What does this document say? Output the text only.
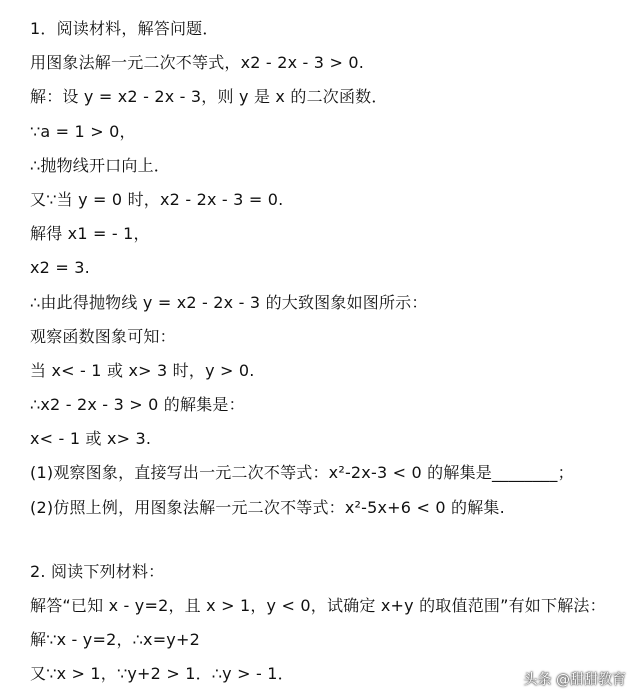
1．阅读材料，解答问题．
用图象法解一元二次不等式，x2 - 2x - 3 > 0.
解：设 y = x2 - 2x - 3，则 y 是 x 的二次函数．
∵a = 1 > 0，
∴抛物线开口向上．
又∵当 y = 0 时，x2 - 2x - 3 = 0.
解得 x1 = - 1，
x2 = 3.
∴由此得抛物线 y = x2 - 2x - 3 的大致图象如图所示：
观察函数图象可知：
当 x< - 1 或 x> 3 时，y > 0.
∴x2 - 2x - 3 > 0 的解集是：
x< - 1 或 x> 3.
(1)观察图象，直接写出一元二次不等式：x²-2x-3 < 0 的解集是________；
(2)仿照上例，用图象法解一元二次不等式：x²-5x+6 < 0 的解集.
2. 阅读下列材料：
解答“已知 x - y=2，且 x > 1，y < 0，试确定 x+y 的取值范围”有如下解法：
解∵x - y=2，∴x=y+2
又∵x > 1，∵y+2 > 1．∴y > - 1．	头条 @甜甜教育
